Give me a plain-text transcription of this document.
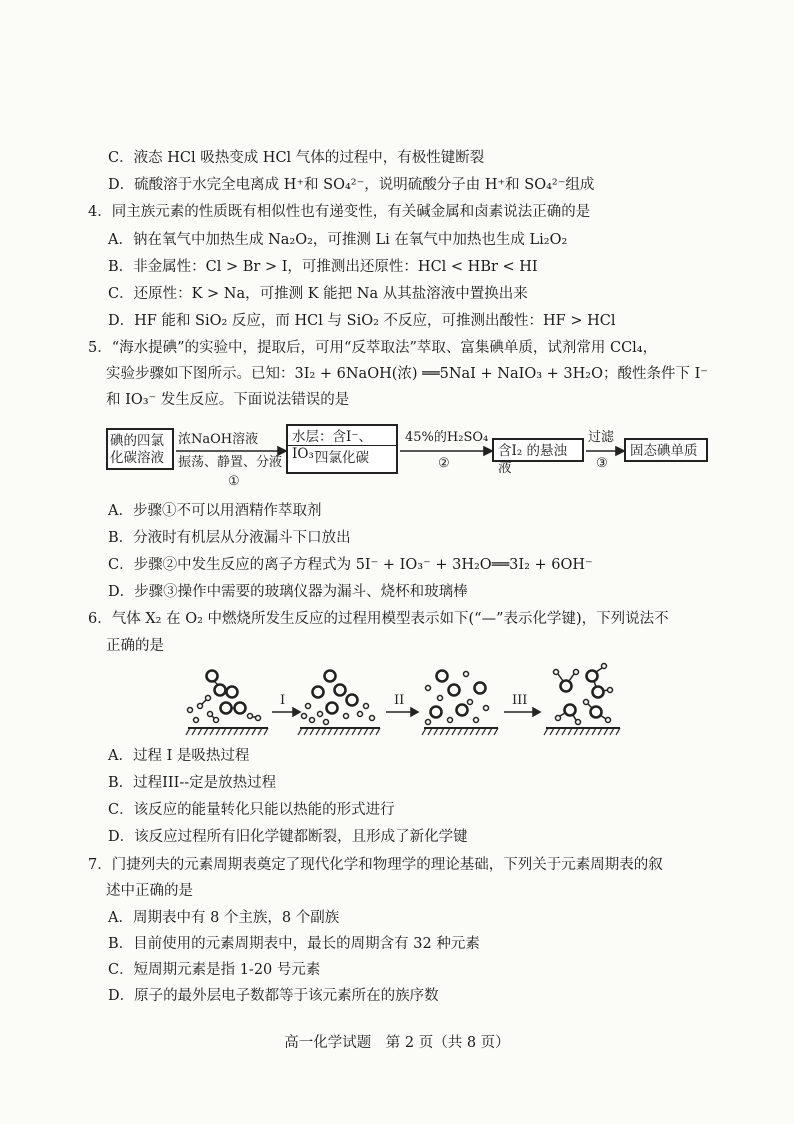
C．液态 HCl 吸热变成 HCl 气体的过程中，有极性键断裂
D．硫酸溶于水完全电离成 H⁺和 SO₄²⁻，说明硫酸分子由 H⁺和 SO₄²⁻组成
4．同主族元素的性质既有相似性也有递变性，有关碱金属和卤素说法正确的是
A．钠在氧气中加热生成 Na₂O₂，可推测 Li 在氧气中加热也生成 Li₂O₂
B．非金属性：Cl > Br > I，可推测出还原性：HCl < HBr < HI
C．还原性：K > Na，可推测 K 能把 Na 从其盐溶液中置换出来
D．HF 能和 SiO₂ 反应，而 HCl 与 SiO₂ 不反应，可推测出酸性：HF > HCl
5．“海水提碘”的实验中，提取后，可用“反萃取法”萃取、富集碘单质，试剂常用 CCl₄，
实验步骤如下图所示。已知：3I₂ + 6NaOH(浓) ══5NaI + NaIO₃ + 3H₂O；酸性条件下 I⁻
和 IO₃⁻ 发生反应。下面说法错误的是
碘的四氯
化碳溶液
浓NaOH溶液
振荡、静置、分液
①
水层：含I⁻、IO₃⁻
四氯化碳
45%的H₂SO₄
②
含I₂ 的悬浊液
过滤
③
固态碘单质
A．步骤①不可以用酒精作萃取剂
B．分液时有机层从分液漏斗下口放出
C．步骤②中发生反应的离子方程式为 5I⁻ + IO₃⁻ + 3H₂O══3I₂ + 6OH⁻
D．步骤③操作中需要的玻璃仪器为漏斗、烧杯和玻璃棒
6．气体 X₂ 在 O₂ 中燃烧所发生反应的过程用模型表示如下(“—”表示化学键)，下列说法不
正确的是
I	II	III
A．过程 I 是吸热过程
B．过程III--定是放热过程
C．该反应的能量转化只能以热能的形式进行
D．该反应过程所有旧化学键都断裂，且形成了新化学键
7．门捷列夫的元素周期表奠定了现代化学和物理学的理论基础，下列关于元素周期表的叙
述中正确的是
A．周期表中有 8 个主族，8 个副族
B．目前使用的元素周期表中，最长的周期含有 32 种元素
C．短周期元素是指 1-20 号元素
D．原子的最外层电子数都等于该元素所在的族序数
高一化学试题　第 2 页（共 8 页）
